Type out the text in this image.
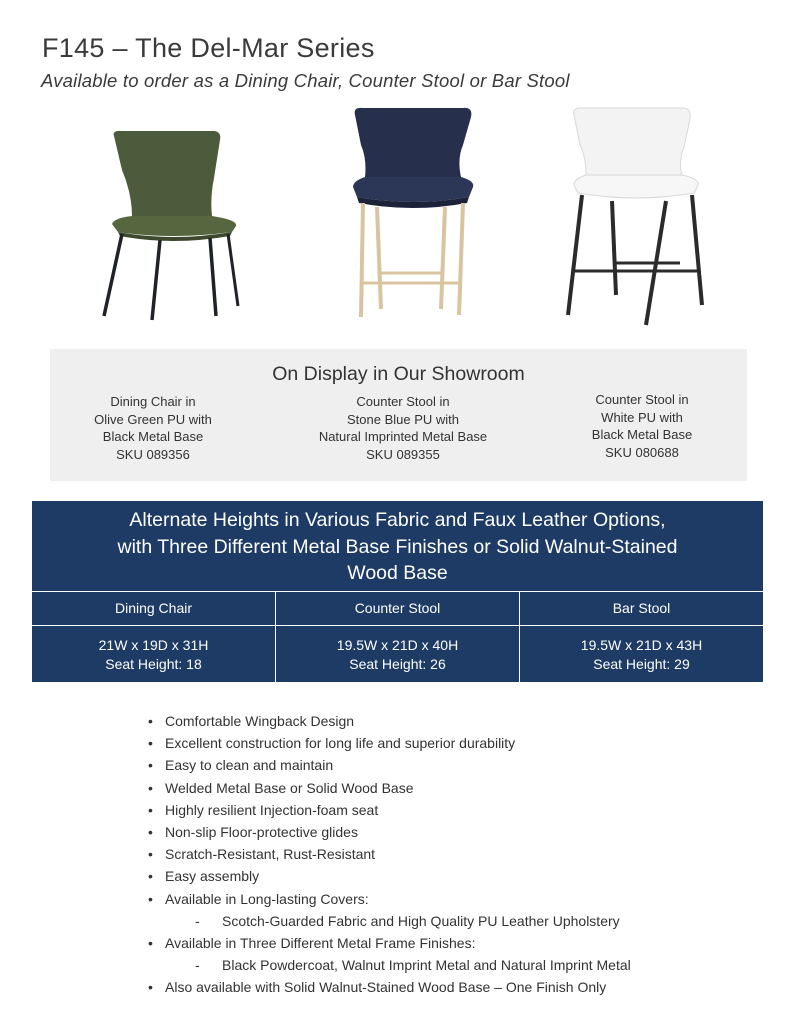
F145 – The Del-Mar Series
Available to order as a Dining Chair, Counter Stool or Bar Stool
On Display in Our Showroom
Dining Chair in
Olive Green PU with
Black Metal Base
SKU 089356
Counter Stool in
Stone Blue PU with
Natural Imprinted Metal Base
SKU 089355
Counter Stool in
White PU with
Black Metal Base
SKU 080688
Alternate Heights in Various Fabric and Faux Leather Options,
with Three Different Metal Base Finishes or Solid Walnut-Stained
Wood Base
Dining Chair	Counter Stool	Bar Stool
21W x 19D x 31H
Seat Height: 18
19.5W x 21D x 40H
Seat Height: 26
19.5W x 21D x 43H
Seat Height: 29
• Comfortable Wingback Design
• Excellent construction for long life and superior durability
• Easy to clean and maintain
• Welded Metal Base or Solid Wood Base
• Highly resilient Injection-foam seat
• Non-slip Floor-protective glides
• Scratch-Resistant, Rust-Resistant
• Easy assembly
• Available in Long-lasting Covers:
- Scotch-Guarded Fabric and High Quality PU Leather Upholstery
• Available in Three Different Metal Frame Finishes:
- Black Powdercoat, Walnut Imprint Metal and Natural Imprint Metal
• Also available with Solid Walnut-Stained Wood Base – One Finish Only
